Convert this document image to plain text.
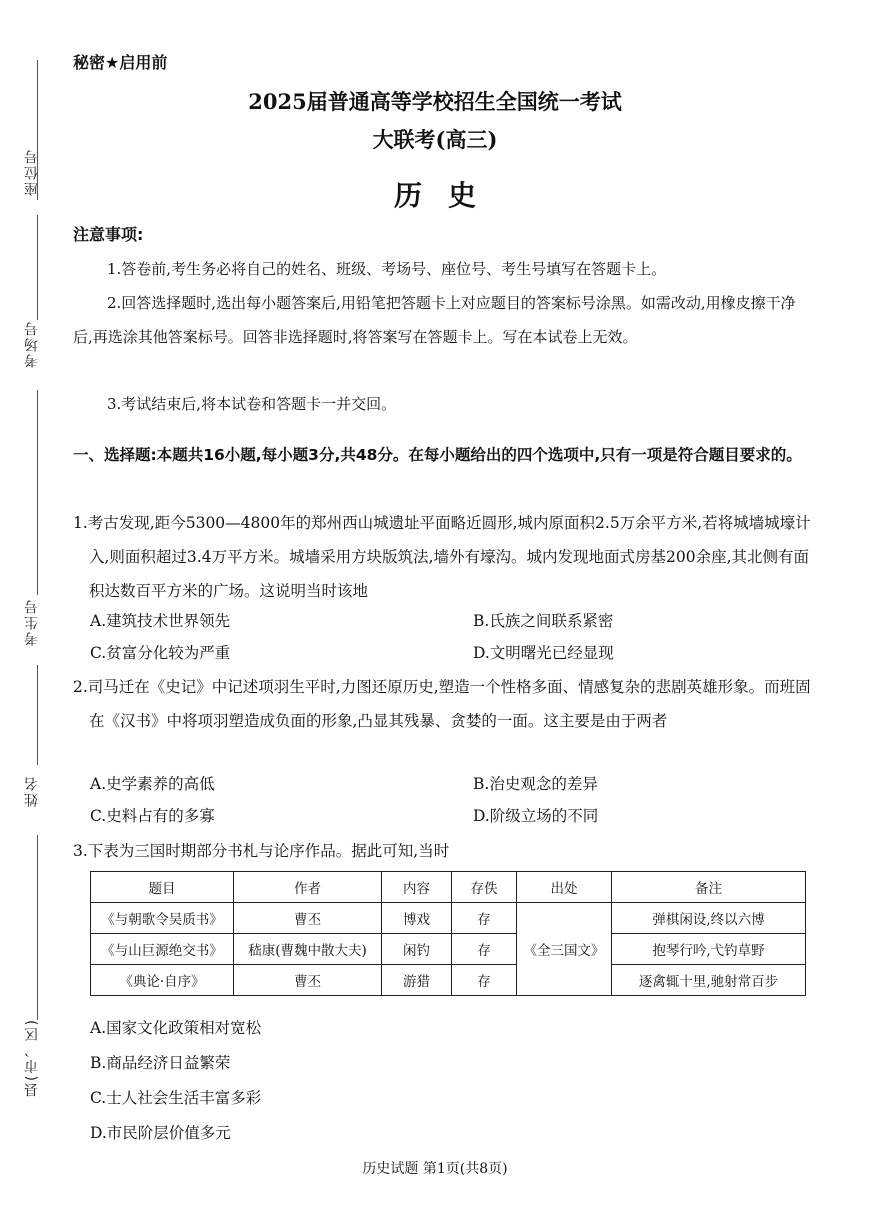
座位号
考场号
考生号
姓名
县(市、区)
秘密★启用前
2025届普通高等学校招生全国统一考试
大联考(高三)
历史
注意事项:
1.答卷前,考生务必将自己的姓名、班级、考场号、座位号、考生号填写在答题卡上。
2.回答选择题时,选出每小题答案后,用铅笔把答题卡上对应题目的答案标号涂黑。如需改动,用橡皮擦干净后,再选涂其他答案标号。回答非选择题时,将答案写在答题卡上。写在本试卷上无效。
3.考试结束后,将本试卷和答题卡一并交回。
一、选择题:本题共16小题,每小题3分,共48分。在每小题给出的四个选项中,只有一项是符合题目要求的。
1.考古发现,距今5300—4800年的郑州西山城遗址平面略近圆形,城内原面积2.5万余平方米,若将城墙城壕计入,则面积超过3.4万平方米。城墙采用方块版筑法,墙外有壕沟。城内发现地面式房基200余座,其北侧有面积达数百平方米的广场。这说明当时该地
A.建筑技术世界领先	B.氏族之间联系紧密
C.贫富分化较为严重	D.文明曙光已经显现
2.司马迁在《史记》中记述项羽生平时,力图还原历史,塑造一个性格多面、情感复杂的悲剧英雄形象。而班固在《汉书》中将项羽塑造成负面的形象,凸显其残暴、贪婪的一面。这主要是由于两者
A.史学素养的高低	B.治史观念的差异
C.史料占有的多寡	D.阶级立场的不同
3.下表为三国时期部分书札与论序作品。据此可知,当时
题目	作者	内容	存佚	出处	备注
《与朝歌令吴质书》	曹丕	博戏	存	《全三国文》	弹棋闲设,终以六博
《与山巨源绝交书》	嵇康(曹魏中散大夫)	闲钓	存		抱琴行吟,弋钓草野
《典论·自序》	曹丕	游猎	存		逐禽辄十里,驰射常百步
A.国家文化政策相对宽松
B.商品经济日益繁荣
C.士人社会生活丰富多彩
D.市民阶层价值多元
历史试题 第1页(共8页)
